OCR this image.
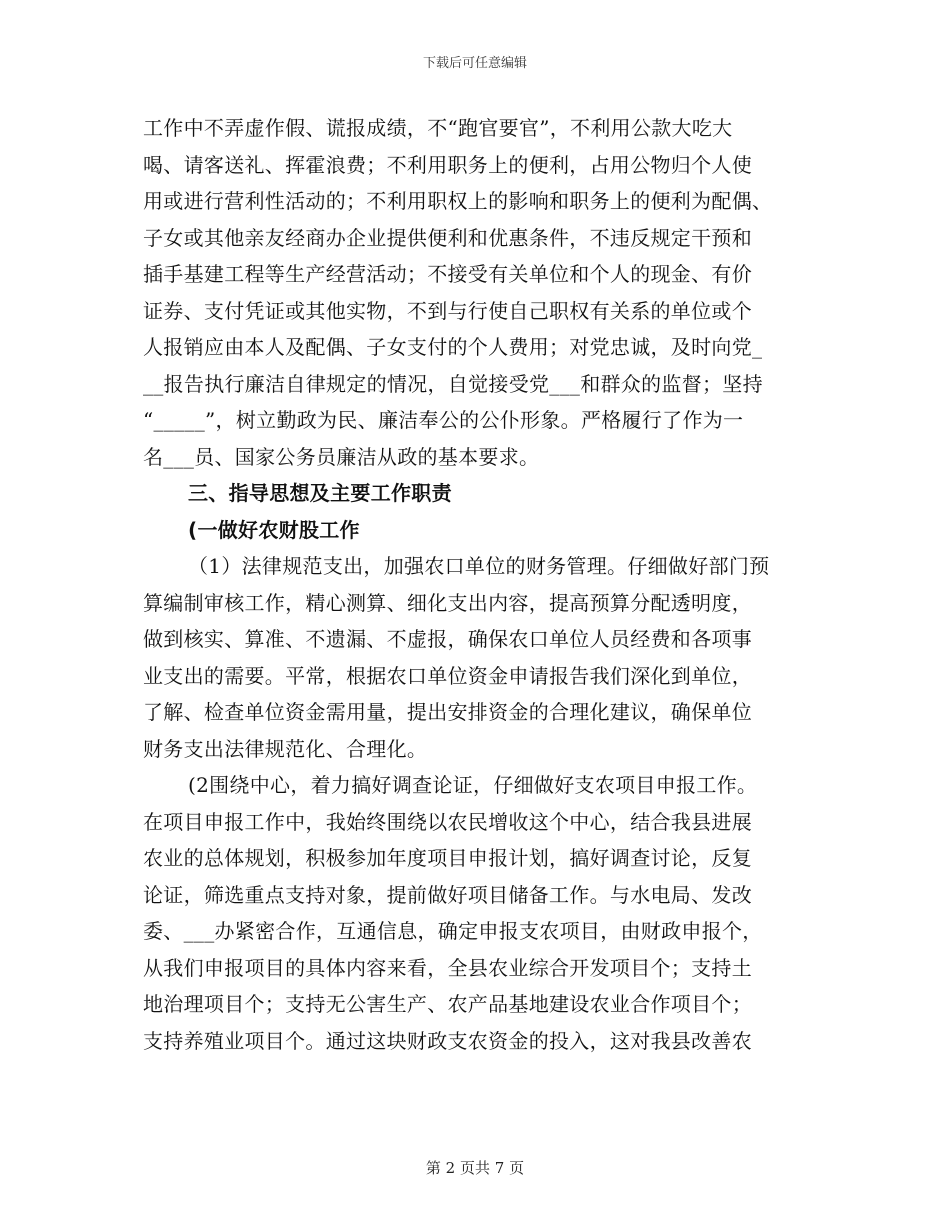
下载后可任意编辑
工作中不弄虚作假、谎报成绩，不“跑官要官”，不利用公款大吃大
喝、请客送礼、挥霍浪费；不利用职务上的便利，占用公物归个人使
用或进行营利性活动的；不利用职权上的影响和职务上的便利为配偶、
子女或其他亲友经商办企业提供便利和优惠条件，不违反规定干预和
插手基建工程等生产经营活动；不接受有关单位和个人的现金、有价
证券、支付凭证或其他实物，不到与行使自己职权有关系的单位或个
人报销应由本人及配偶、子女支付的个人费用；对党忠诚，及时向党_
__报告执行廉洁自律规定的情况，自觉接受党___和群众的监督；坚持
“_____”，树立勤政为民、廉洁奉公的公仆形象。严格履行了作为一
名___员、国家公务员廉洁从政的基本要求。
三、指导思想及主要工作职责
(一做好农财股工作
（1）法律规范支出，加强农口单位的财务管理。仔细做好部门预
算编制审核工作，精心测算、细化支出内容，提高预算分配透明度，
做到核实、算准、不遗漏、不虚报，确保农口单位人员经费和各项事
业支出的需要。平常，根据农口单位资金申请报告我们深化到单位，
了解、检查单位资金需用量，提出安排资金的合理化建议，确保单位
财务支出法律规范化、合理化。
(2围绕中心，着力搞好调查论证，仔细做好支农项目申报工作。
在项目申报工作中，我始终围绕以农民增收这个中心，结合我县进展
农业的总体规划，积极参加年度项目申报计划，搞好调查讨论，反复
论证，筛选重点支持对象，提前做好项目储备工作。与水电局、发改
委、___办紧密合作，互通信息，确定申报支农项目，由财政申报个，
从我们申报项目的具体内容来看，全县农业综合开发项目个；支持土
地治理项目个；支持无公害生产、农产品基地建设农业合作项目个；
支持养殖业项目个。通过这块财政支农资金的投入，这对我县改善农
第 2 页共 7 页
